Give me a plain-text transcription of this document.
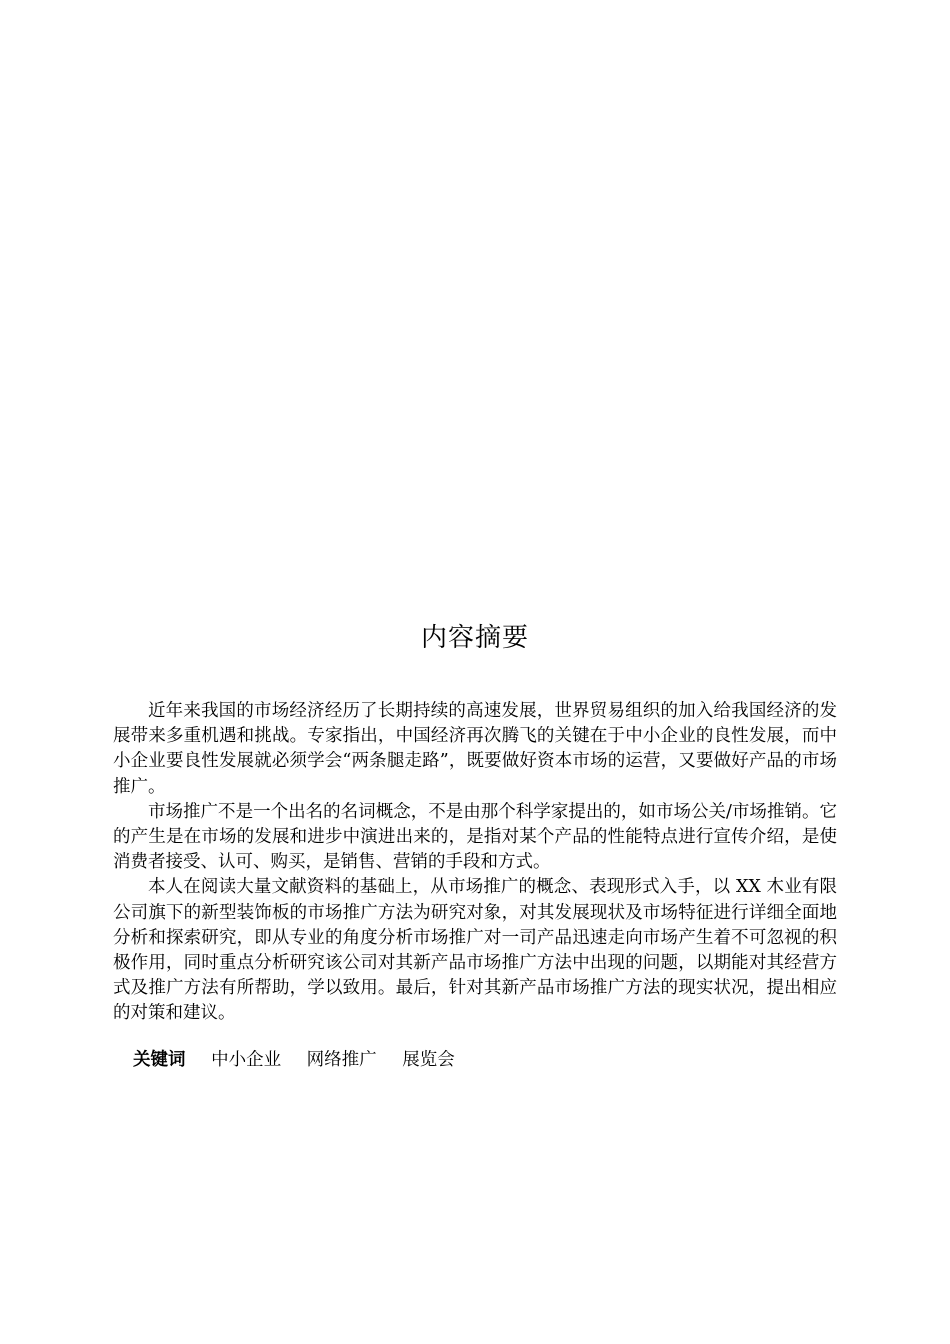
内容摘要

近年来我国的市场经济经历了长期持续的高速发展，世界贸易组织的加入给我国经济的发展带来多重机遇和挑战。专家指出，中国经济再次腾飞的关键在于中小企业的良性发展，而中小企业要良性发展就必须学会“两条腿走路”，既要做好资本市场的运营，又要做好产品的市场推广。

市场推广不是一个出名的名词概念，不是由那个科学家提出的，如市场公关/市场推销。它的产生是在市场的发展和进步中演进出来的，是指对某个产品的性能特点进行宣传介绍，是使消费者接受、认可、购买，是销售、营销的手段和方式。

本人在阅读大量文献资料的基础上，从市场推广的概念、表现形式入手，以 XX 木业有限公司旗下的新型装饰板的市场推广方法为研究对象，对其发展现状及市场特征进行详细全面地分析和探索研究，即从专业的角度分析市场推广对一司产品迅速走向市场产生着不可忽视的积极作用，同时重点分析研究该公司对其新产品市场推广方法中出现的问题，以期能对其经营方式及推广方法有所帮助，学以致用。最后，针对其新产品市场推广方法的现实状况，提出相应的对策和建议。

关键词 中小企业 网络推广 展览会
